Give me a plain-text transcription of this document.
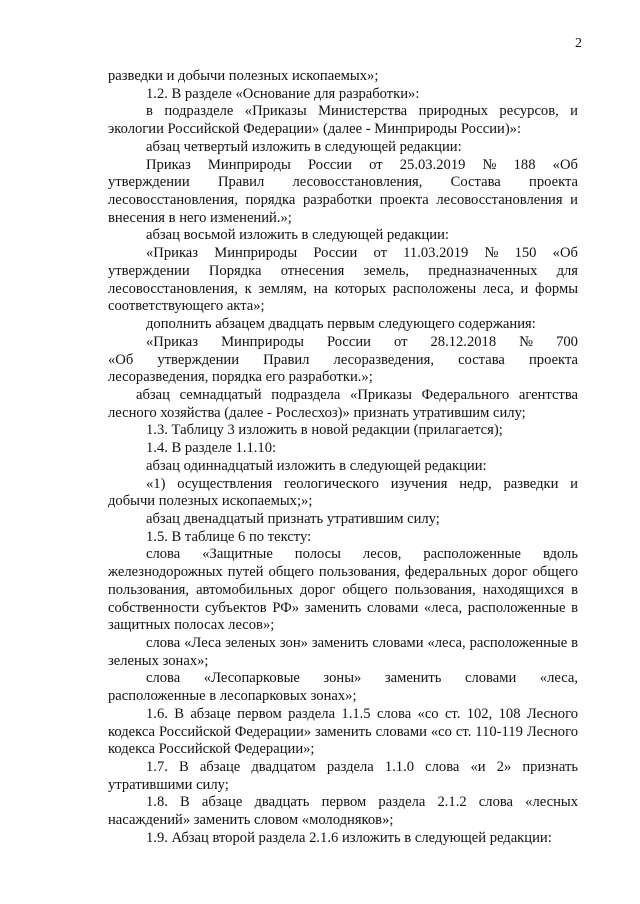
2

разведки и добычи полезных ископаемых»;

1.2. В разделе «Основание для разработки»:

в подразделе «Приказы Министерства природных ресурсов, и экологии Российской Федерации» (далее - Минприроды России)»:

абзац четвертый изложить в следующей редакции:

Приказ Минприроды России от 25.03.2019 № 188 «Об

утверждении Правил лесовосстановления, Состава проекта лесовосстановления, порядка разработки проекта лесовосстановления и внесения в него изменений.»;

абзац восьмой изложить в следующей редакции:

«Приказ Минприроды России от 11.03.2019 № 150 «Об

утверждении Порядка отнесения земель, предназначенных для лесовосстановления, к землям, на которых расположены леса, и формы соответствующего акта»;

дополнить абзацем двадцать первым следующего содержания:

«Приказ Минприроды России от 28.12.2018 № 700

«Об утверждении Правил лесоразведения, состава проекта лесоразведения, порядка его разработки.»;

абзац семнадцатый подраздела «Приказы Федерального агентства лесного хозяйства (далее - Рослесхоз)» признать утратившим силу;

1.3. Таблицу 3 изложить в новой редакции (прилагается);

1.4. В разделе 1.1.10:

абзац одиннадцатый изложить в следующей редакции:

«1) осуществления геологического изучения недр, разведки и добычи полезных ископаемых;»;

абзац двенадцатый признать утратившим силу;

1.5. В таблице 6 по тексту:

слова «Защитные полосы лесов, расположенные вдоль железнодорожных путей общего пользования, федеральных дорог общего пользования, автомобильных дорог общего пользования, находящихся в собственности субъектов РФ» заменить словами «леса, расположенные в защитных полосах лесов»;

слова «Леса зеленых зон» заменить словами «леса, расположенные в зеленых зонах»;

слова «Лесопарковые зоны» заменить словами «леса,

расположенные в лесопарковых зонах»;

1.6. В абзаце первом раздела 1.1.5 слова «со ст. 102, 108 Лесного кодекса Российской Федерации» заменить словами «со ст. 110-119 Лесного кодекса Российской Федерации»;

1.7. В абзаце двадцатом раздела 1.1.0 слова «и 2» признать утратившими силу;

1.8. В абзаце двадцать первом раздела 2.1.2 слова «лесных насаждений» заменить словом «молодняков»;

1.9. Абзац второй раздела 2.1.6 изложить в следующей редакции:
